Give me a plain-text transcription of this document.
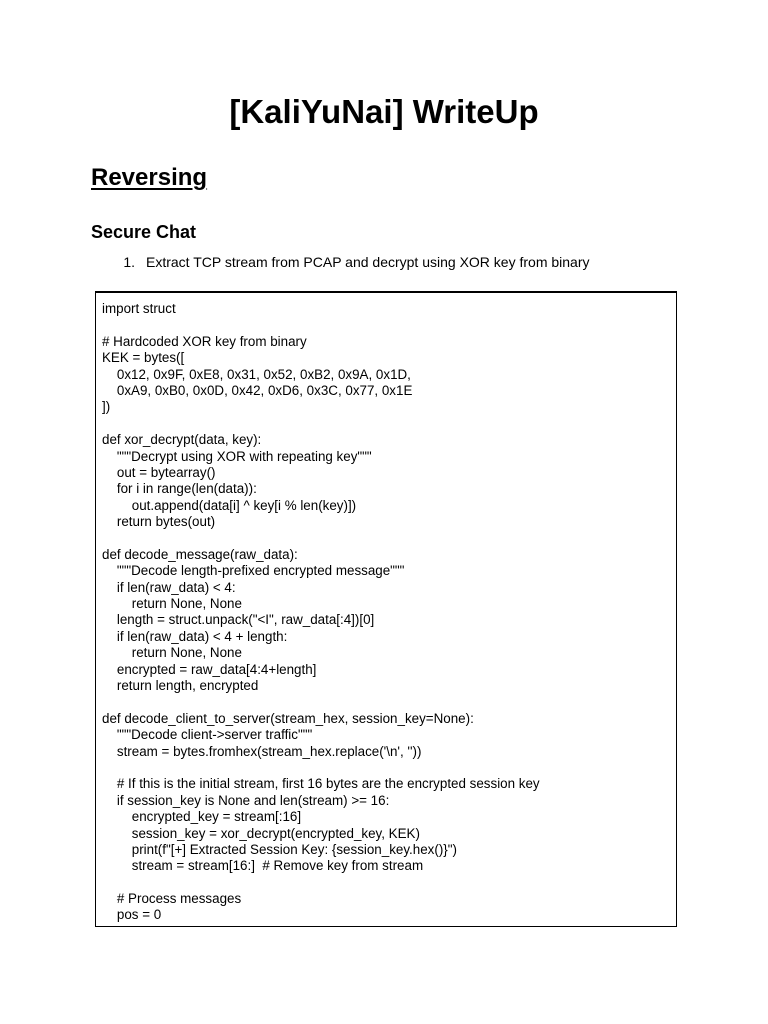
[KaliYuNai] WriteUp
Reversing
Secure Chat
1. Extract TCP stream from PCAP and decrypt using XOR key from binary
import struct
# Hardcoded XOR key from binary
KEK = bytes([
0x12, 0x9F, 0xE8, 0x31, 0x52, 0xB2, 0x9A, 0x1D,
0xA9, 0xB0, 0x0D, 0x42, 0xD6, 0x3C, 0x77, 0x1E
])
def xor_decrypt(data, key):
"""Decrypt using XOR with repeating key"""
out = bytearray()
for i in range(len(data)):
out.append(data[i] ^ key[i % len(key)])
return bytes(out)
def decode_message(raw_data):
"""Decode length-prefixed encrypted message"""
if len(raw_data) < 4:
return None, None
length = struct.unpack("<I", raw_data[:4])[0]
if len(raw_data) < 4 + length:
return None, None
encrypted = raw_data[4:4+length]
return length, encrypted
def decode_client_to_server(stream_hex, session_key=None):
"""Decode client->server traffic"""
stream = bytes.fromhex(stream_hex.replace('\n', ''))
# If this is the initial stream, first 16 bytes are the encrypted session key
if session_key is None and len(stream) >= 16:
encrypted_key = stream[:16]
session_key = xor_decrypt(encrypted_key, KEK)
print(f"[+] Extracted Session Key: {session_key.hex()}")
stream = stream[16:]  # Remove key from stream
# Process messages
pos = 0
